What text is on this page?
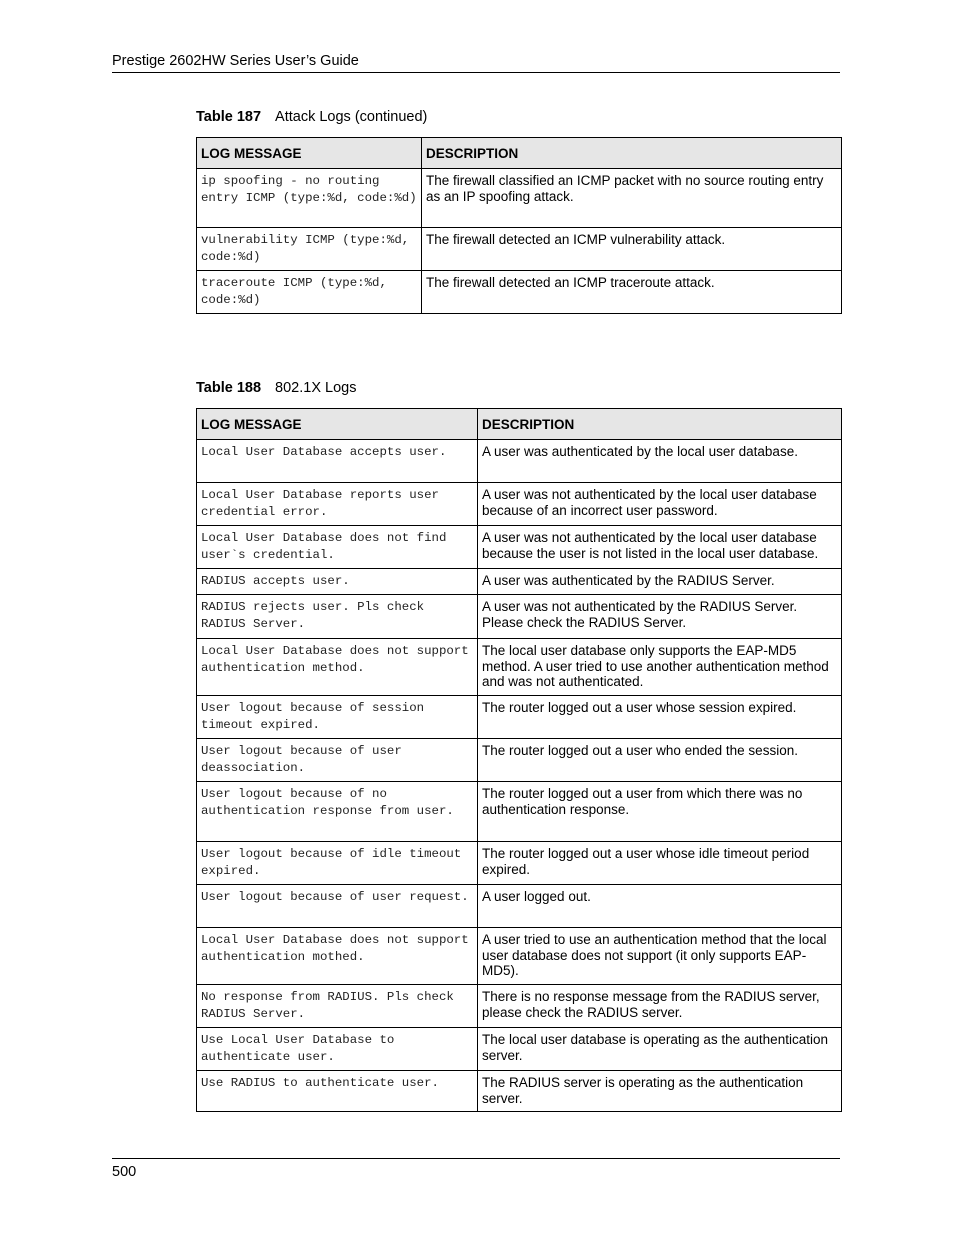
Prestige 2602HW Series User’s Guide
Table 187 Attack Logs (continued)
LOG MESSAGE	DESCRIPTION
ip spoofing - no routing entry ICMP (type:%d, code:%d)	The firewall classified an ICMP packet with no source routing entry as an IP spoofing attack.
vulnerability ICMP (type:%d, code:%d)	The firewall detected an ICMP vulnerability attack.
traceroute ICMP (type:%d, code:%d)	The firewall detected an ICMP traceroute attack.
Table 188 802.1X Logs
LOG MESSAGE	DESCRIPTION
Local User Database accepts user.	A user was authenticated by the local user database.
Local User Database reports user credential error.	A user was not authenticated by the local user database because of an incorrect user password.
Local User Database does not find user`s credential.	A user was not authenticated by the local user database because the user is not listed in the local user database.
RADIUS accepts user.	A user was authenticated by the RADIUS Server.
RADIUS rejects user. Pls check RADIUS Server.	A user was not authenticated by the RADIUS Server. Please check the RADIUS Server.
Local User Database does not support authentication method.	The local user database only supports the EAP-MD5 method. A user tried to use another authentication method and was not authenticated.
User logout because of session timeout expired.	The router logged out a user whose session expired.
User logout because of user deassociation.	The router logged out a user who ended the session.
User logout because of no authentication response from user.	The router logged out a user from which there was no authentication response.
User logout because of idle timeout expired.	The router logged out a user whose idle timeout period expired.
User logout because of user request.	A user logged out.
Local User Database does not support authentication mothed.	A user tried to use an authentication method that the local user database does not support (it only supports EAP-MD5).
No response from RADIUS. Pls check RADIUS Server.	There is no response message from the RADIUS server, please check the RADIUS server.
Use Local User Database to authenticate user.	The local user database is operating as the authentication server.
Use RADIUS to authenticate user.	The RADIUS server is operating as the authentication server.
500
